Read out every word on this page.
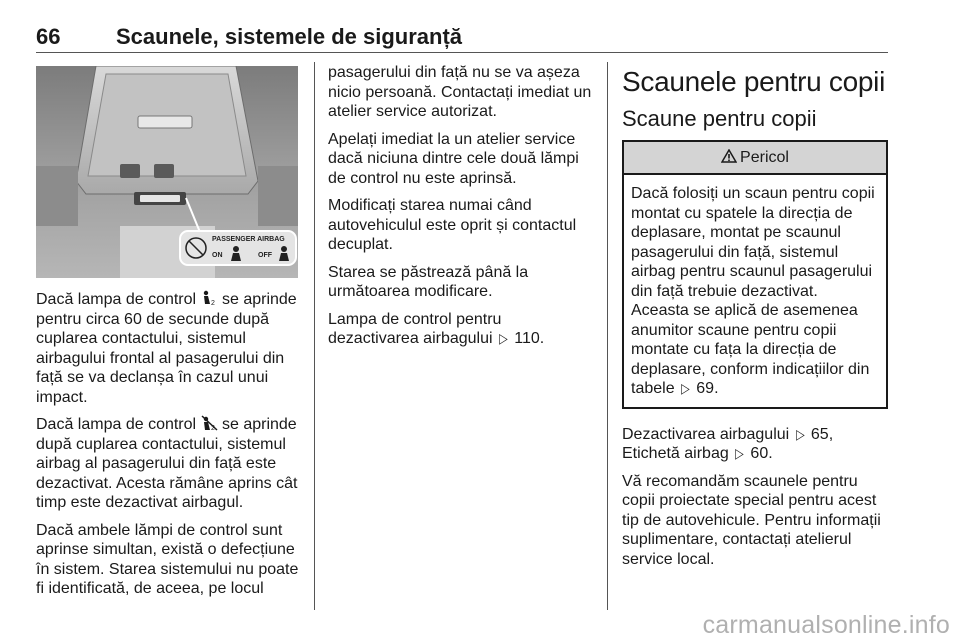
66	Scaunele, sistemele de siguranță
PASSENGER AIRBAG
ON	OFF

Dacă lampa de control 2 se aprinde pentru circa 60 de secunde după cuplarea contactului, sistemul airbagului frontal al pasagerului din față se va declanșa în cazul unui impact.

Dacă lampa de control 2 se aprinde după cuplarea contactului, sistemul airbag al pasagerului din față este dezactivat. Acesta rămâne aprins cât timp este dezactivat airbagul.

Dacă ambele lămpi de control sunt aprinse simultan, există o defecțiune în sistem. Starea sistemului nu poate fi identificată, de aceea, pe locul

pasagerului din față nu se va așeza nicio persoană. Contactați imediat un atelier service autorizat.

Apelați imediat la un atelier service dacă niciuna dintre cele două lămpi de control nu este aprinsă.

Modificați starea numai când autovehiculul este oprit și contactul decuplat.

Starea se păstrează până la următoarea modificare.

Lampa de control pentru dezactivarea airbagului ▷ 110.

Scaunele pentru copii
Scaune pentru copii
Pericol
Dacă folosiți un scaun pentru copii montat cu spatele la direcția de deplasare, montat pe scaunul pasagerului din față, sistemul airbag pentru scaunul pasagerului din față trebuie dezactivat.
Aceasta se aplică de asemenea anumitor scaune pentru copii montate cu fața la direcția de deplasare, conform indicațiilor din tabele ▷ 69.
Dezactivarea airbagului ▷ 65,
Etichetă airbag ▷ 60.

Vă recomandăm scaunele pentru copii proiectate special pentru acest tip de autovehicule. Pentru informații suplimentare, contactați atelierul service local.

carmanualsonline.info
